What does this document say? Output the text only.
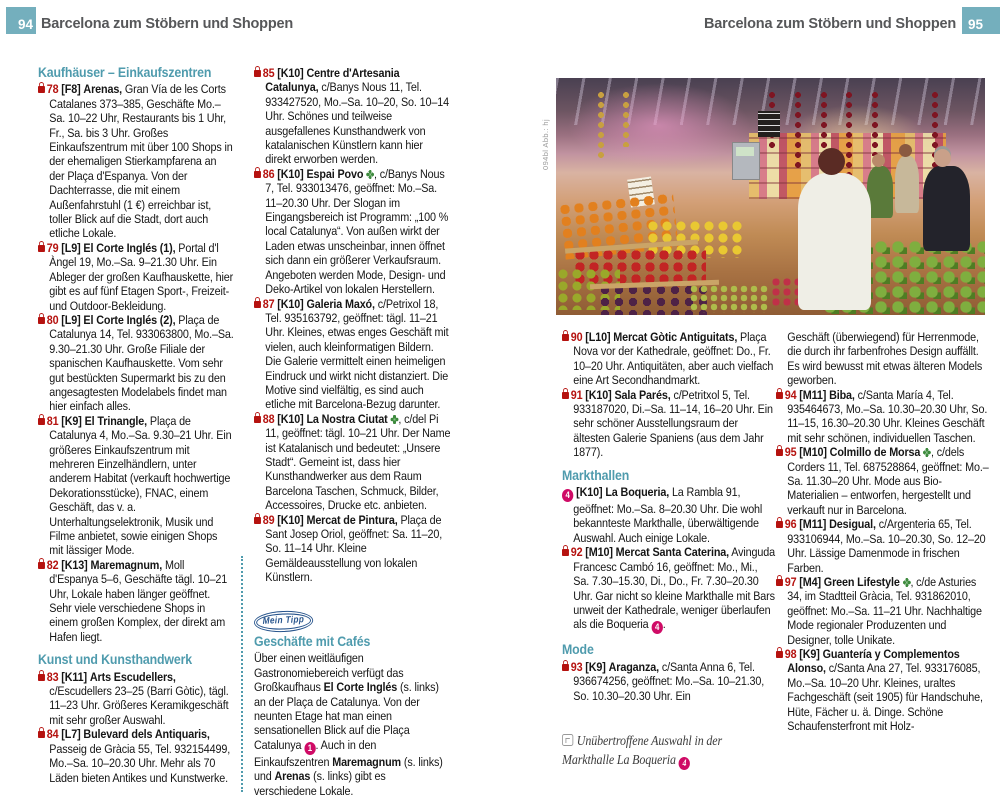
94 Barcelona zum Stöbern und Shoppen	Barcelona zum Stöbern und Shoppen 95
094bl Abb.: hj
Kaufhäuser – Einkaufszentren

78 [F8] Arenas, Gran Vía de les Corts Catalanes 373–385, Geschäfte Mo.–Sa. 10–22 Uhr, Restaurants bis 1 Uhr, Fr., Sa. bis 3 Uhr. Großes Einkaufszentrum mit über 100 Shops in der ehemaligen Stierkampfarena an der Plaça d'Espanya. Von der Dachterrasse, die mit einem Außenfahrstuhl (1 €) erreichbar ist, toller Blick auf die Stadt, dort auch etliche Lokale.

79 [L9] El Corte Inglés (1), Portal d'l Àngel 19, Mo.–Sa. 9–21.30 Uhr. Ein Ableger der großen Kaufhauskette, hier gibt es auf fünf Etagen Sport-, Freizeit- und Outdoor-Bekleidung.

80 [L9] El Corte Inglés (2), Plaça de Catalunya 14, Tel. 933063800, Mo.–Sa. 9.30–21.30 Uhr. Große Filiale der spanischen Kaufhauskette. Vom sehr gut bestückten Supermarkt bis zu den angesagtesten Modelabels findet man hier einfach alles.

81 [K9] El Trinangle, Plaça de Catalunya 4, Mo.–Sa. 9.30–21 Uhr. Ein größeres Einkaufszentrum mit mehreren Einzelhändlern, unter anderem Habitat (verkauft hochwertige Dekorationsstücke), FNAC, einem Geschäft, das v. a. Unterhaltungselektronik, Musik und Filme anbietet, sowie einigen Shops mit lässiger Mode.

82 [K13] Maremagnum, Moll d'Espanya 5–6, Geschäfte tägl. 10–21 Uhr, Lokale haben länger geöffnet. Sehr viele verschiedene Shops in einem großen Komplex, der direkt am Hafen liegt.

Kunst und Kunsthandwerk

83 [K11] Arts Escudellers, c/Escudellers 23–25 (Barri Gòtic), tägl. 11–23 Uhr. Größeres Keramikgeschäft mit sehr großer Auswahl.

84 [L7] Bulevard dels Antiquaris, Passeig de Gràcia 55, Tel. 932154499, Mo.–Sa. 10–20.30 Uhr. Mehr als 70 Läden bieten Antikes und Kunstwerke.

85 [K10] Centre d'Artesania Catalunya, c/Banys Nous 11, Tel. 933427520, Mo.–Sa. 10–20, So. 10–14 Uhr. Schönes und teilweise ausgefallenes Kunsthandwerk von katalanischen Künstlern kann hier direkt erworben werden.

86 [K10] Espai Povo , c/Banys Nous 7, Tel. 933013476, geöffnet: Mo.–Sa. 11–20.30 Uhr. Der Slogan im Eingangsbereich ist Programm: „100 % local Catalunya“. Von außen wirkt der Laden etwas unscheinbar, innen öffnet sich dann ein größerer Verkaufsraum. Angeboten werden Mode, Design- und Deko-Artikel von lokalen Herstellern.

87 [K10] Galeria Maxó, c/Petrixol 18, Tel. 935163792, geöffnet: tägl. 11–21 Uhr. Kleines, etwas enges Geschäft mit vielen, auch kleinformatigen Bildern. Die Galerie vermittelt einen heimeligen Eindruck und wirkt nicht distanziert. Die Motive sind vielfältig, es sind auch etliche mit Barcelona-Bezug darunter.

88 [K10] La Nostra Ciutat , c/del Pi 11, geöffnet: tägl. 10–21 Uhr. Der Name ist Katalanisch und bedeutet: „Unsere Stadt“. Gemeint ist, dass hier Kunsthandwerker aus dem Raum Barcelona Taschen, Schmuck, Bilder, Accessoires, Drucke etc. anbieten.

89 [K10] Mercat de Pintura, Plaça de Sant Josep Oriol, geöffnet: Sa. 11–20, So. 11–14 Uhr. Kleine Gemäldeausstellung von lokalen Künstlern.

Mein Tipp
Geschäfte mit Cafés

Über einen weitläufigen Gastronomiebereich verfügt das Großkaufhaus El Corte Inglés (s. links) an der Plaça de Catalunya. Von der neunten Etage hat man einen sensationellen Blick auf die Plaça Catalunya 1 . Auch in den Einkaufszentren Maremagnum (s. links) und Arenas (s. links) gibt es verschiedene Lokale.

90 [L10] Mercat Gòtic Antiguitats, Plaça Nova vor der Kathedrale, geöffnet: Do., Fr. 10–20 Uhr. Antiquitäten, aber auch vielfach eine Art Secondhandmarkt.

91 [K10] Sala Parés, c/Petritxol 5, Tel. 933187020, Di.–Sa. 11–14, 16–20 Uhr. Ein sehr schöner Ausstellungsraum der ältesten Galerie Spaniens (aus dem Jahr 1877).

Markthallen

4 [K10] La Boqueria, La Rambla 91, geöffnet: Mo.–Sa. 8–20.30 Uhr. Die wohl bekannteste Markthalle, überwältigende Auswahl. Auch einige Lokale.

92 [M10] Mercat Santa Caterina, Avinguda Francesc Cambó 16, geöffnet: Mo., Mi., Sa. 7.30–15.30, Di., Do., Fr. 7.30–20.30 Uhr. Gar nicht so kleine Markthalle mit Bars unweit der Kathedrale, weniger überlaufen als die Boqueria 4 .

Mode

93 [K9] Araganza, c/Santa Anna 6, Tel. 936674256, geöffnet: Mo.–Sa. 10–21.30, So. 10.30–20.30 Uhr. Ein

Unübertroffene Auswahl in der Markthalle La Boqueria 4

Geschäft (überwiegend) für Herrenmode, die durch ihr farbenfrohes Design auffällt. Es wird bewusst mit etwas älteren Models geworben.

94 [M11] Biba, c/Santa María 4, Tel. 935464673, Mo.–Sa. 10.30–20.30 Uhr, So. 11–15, 16.30–20.30 Uhr. Kleines Geschäft mit sehr schönen, individuellen Taschen.

95 [M10] Colmillo de Morsa , c/dels Corders 11, Tel. 687528864, geöffnet: Mo.–Sa. 11.30–20 Uhr. Mode aus Bio-Materialien – entworfen, hergestellt und verkauft nur in Barcelona.

96 [M11] Desigual, c/Argenteria 65, Tel. 933106944, Mo.–Sa. 10–20.30, So. 12–20 Uhr. Lässige Damenmode in frischen Farben.

97 [M4] Green Lifestyle , c/de Asturies 34, im Stadtteil Gràcia, Tel. 931862010, geöffnet: Mo.–Sa. 11–21 Uhr. Nachhaltige Mode regionaler Produzenten und Designer, tolle Unikate.

98 [K9] Guantería y Complementos Alonso, c/Santa Ana 27, Tel. 933176085, Mo.–Sa. 10–20 Uhr. Kleines, uraltes Fachgeschäft (seit 1905) für Handschuhe, Hüte, Fächer u. ä. Dinge. Schöne Schaufensterfront mit Holz-
